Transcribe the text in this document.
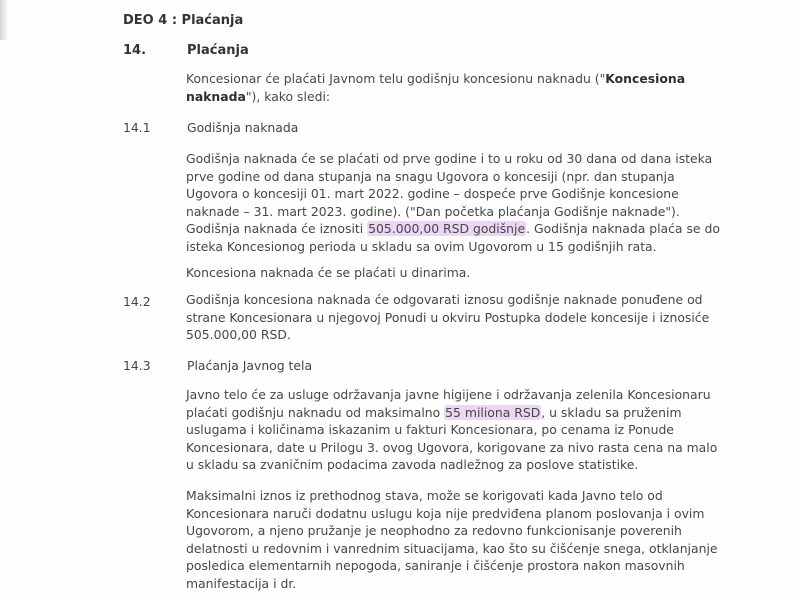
DEO 4 : Plaćanja
14.	Plaćanja
Koncesionar će plaćati Javnom telu godišnju koncesionu naknadu ("Koncesiona
naknada"), kako sledi:
14.1	Godišnja naknada
Godišnja naknada će se plaćati od prve godine i to u roku od 30 dana od dana isteka
prve godine od dana stupanja na snagu Ugovora o koncesiji (npr. dan stupanja
Ugovora o koncesiji 01. mart 2022. godine – dospeće prve Godišnje koncesione
naknade – 31. mart 2023. godine). ("Dan početka plaćanja Godišnje naknade").
Godišnja naknada će iznositi 505.000,00 RSD godišnje. Godišnja naknada plaća se do
isteka Koncesionog perioda u skladu sa ovim Ugovorom u 15 godišnjih rata.
Koncesiona naknada će se plaćati u dinarima.
14.2	Godišnja koncesiona naknada će odgovarati iznosu godišnje naknade ponuđene od
strane Koncesionara u njegovoj Ponudi u okviru Postupka dodele koncesije i iznosiće
505.000,00 RSD.
14.3	Plaćanja Javnog tela
Javno telo će za usluge održavanja javne higijene i održavanja zelenila Koncesionaru
plaćati godišnju naknadu od maksimalno 55 miliona RSD, u skladu sa pruženim
uslugama i količinama iskazanim u fakturi Koncesionara, po cenama iz Ponude
Koncesionara, date u Prilogu 3. ovog Ugovora, korigovane za nivo rasta cena na malo
u skladu sa zvaničnim podacima zavoda nadležnog za poslove statistike.
Maksimalni iznos iz prethodnog stava, može se korigovati kada Javno telo od
Koncesionara naruči dodatnu uslugu koja nije predviđena planom poslovanja i ovim
Ugovorom, a njeno pružanje je neophodno za redovno funkcionisanje poverenih
delatnosti u redovnim i vanrednim situacijama, kao što su čišćenje snega, otklanjanje
posledica elementarnih nepogoda, saniranje i čišćenje prostora nakon masovnih
manifestacija i dr.
